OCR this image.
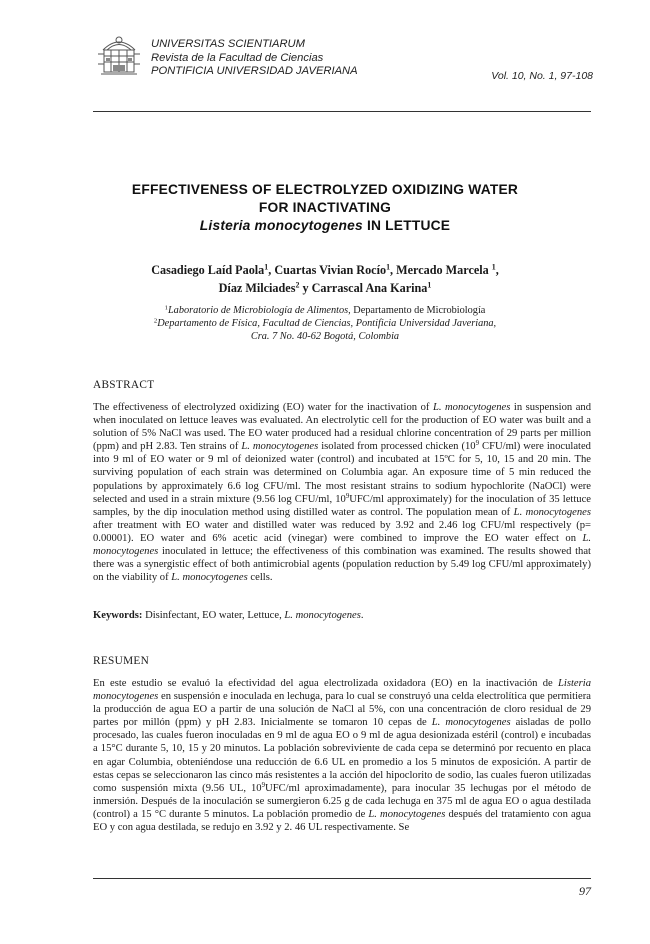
UNIVERSITAS SCIENTIARUM
Revista de la Facultad de Ciencias
PONTIFICIA UNIVERSIDAD JAVERIANA	Vol. 10, No. 1, 97-108
EFFECTIVENESS OF ELECTROLYZED OXIDIZING WATER
FOR INACTIVATING
Listeria monocytogenes IN LETTUCE
Casadiego Laíd Paola$^1$, Cuartas Vivian Rocío$^1$, Mercado Marcela $^1$,
Díaz Milciades$^2$ y Carrascal Ana Karina$^1$
$^1$Laboratorio de Microbiología de Alimentos, Departamento de Microbiología
$^2$Departamento de Física, Facultad de Ciencias, Pontificia Universidad Javeriana,
Cra. 7 No. 40-62 Bogotá, Colombia
ABSTRACT

The effectiveness of electrolyzed oxidizing (EO) water for the inactivation of L. monocytogenes in suspension and when inoculated on lettuce leaves was evaluated. An electrolytic cell for the production of EO water was built and a solution of 5% NaCl was used. The EO water produced had a residual chlorine concentration of 29 parts per million (ppm) and pH 2.83. Ten strains of L. monocytogenes isolated from processed chicken ($10^9$ CFU/ml) were inoculated into 9 ml of EO water or 9 ml of deionized water (control) and incubated at 15ºC for 5, 10, 15 and 20 min. The surviving population of each strain was determined on Columbia agar. An exposure time of 5 min reduced the populations by approximately 6.6 log CFU/ml. The most resistant strains to sodium hypochlorite (NaOCl) were selected and used in a strain mixture (9.56 log CFU/ml, $10^9UFC/ml$ approximately) for the inoculation of 35 lettuce samples, by the dip inoculation method using distilled water as control. The population mean of L. monocytogenes after treatment with EO water and distilled water was reduced by 3.92 and 2.46 log CFU/ml respectively (p= 0.00001). EO water and 6% acetic acid (vinegar) were combined to improve the EO water effect on L. monocytogenes inoculated in lettuce; the effectiveness of this combination was examined. The results showed that there was a synergistic effect of both antimicrobial agents (population reduction by 5.49 log CFU/ml approximately) on the viability of L. monocytogenes cells.

Keywords: Disinfectant, EO water, Lettuce, L. monocytogenes.
RESUMEN

En este estudio se evaluó la efectividad del agua electrolizada oxidadora (EO) en la inactivación de Listeria monocytogenes en suspensión e inoculada en lechuga, para lo cual se construyó una celda electrolítica que permitiera la producción de agua EO a partir de una solución de NaCl al 5%, con una concentración de cloro residual de 29 partes por millón (ppm) y pH 2.83. Inicialmente se tomaron 10 cepas de L. monocytogenes aisladas de pollo procesado, las cuales fueron inoculadas en 9 ml de agua EO o 9 ml de agua desionizada estéril (control) e incubadas a 15°C durante 5, 10, 15 y 20 minutos. La población sobreviviente de cada cepa se determinó por recuento en placa en agar Columbia, obteniéndose una reducción de 6.6 UL en promedio a los 5 minutos de exposición. A partir de estas cepas se seleccionaron las cinco más resistentes a la acción del hipoclorito de sodio, las cuales fueron utilizadas como suspensión mixta (9.56 UL, $10^9UFC/ml$ aproximadamente), para inocular 35 lechugas por el método de inmersión. Después de la inoculación se sumergieron 6.25 g de cada lechuga en 375 ml de agua EO o agua destilada (control) a 15 °C durante 5 minutos. La población promedio de L. monocytogenes después del tratamiento con agua EO y con agua destilada, se redujo en 3.92 y 2. 46 UL respectivamente. Se

97
